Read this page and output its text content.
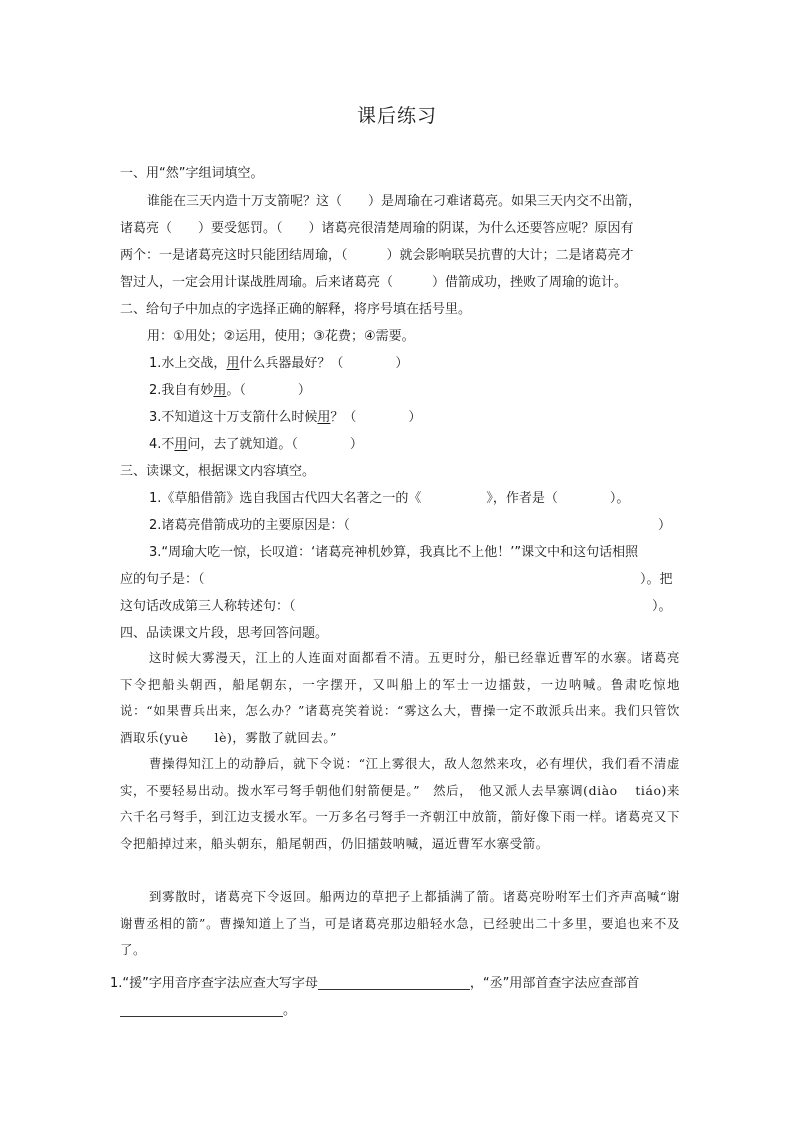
课后练习
一、用“然”字组词填空。
谁能在三天内造十万支箭呢？这（　　）是周瑜在刁难诸葛亮。如果三天内交不出箭，
诸葛亮（　　）要受惩罚。（　　）诸葛亮很清楚周瑜的阴谋，为什么还要答应呢？原因有
两个：一是诸葛亮这时只能团结周瑜，（　　　）就会影响联吴抗曹的大计；二是诸葛亮才
智过人，一定会用计谋战胜周瑜。后来诸葛亮（　　　）借箭成功，挫败了周瑜的诡计。
二、给句子中加点的字选择正确的解释，将序号填在括号里。
用：①用处；②运用，使用；③花费；④需要。
1.水上交战，用什么兵器最好？（　　　　）
2.我自有妙用。（　　　　）
3.不知道这十万支箭什么时候用？（　　　　）
4.不用问，去了就知道。（　　　　）
三、读课文，根据课文内容填空。
1.《草船借箭》选自我国古代四大名著之一的《　　　　　》，作者是（　　　　）。
2.诸葛亮借箭成功的主要原因是：（	）
3.“周瑜大吃一惊，长叹道：‘诸葛亮神机妙算，我真比不上他！’”课文中和这句话相照
应的句子是：（	）。把
这句话改成第三人称转述句：（	）。
四、品读课文片段，思考回答问题。
这时候大雾漫天，江上的人连面对面都看不清。五更时分，船已经靠近曹军的水寨。诸葛亮下令把船头朝西，船尾朝东，一字摆开，又叫船上的军士一边擂鼓，一边呐喊。鲁肃吃惊地说：“如果曹兵出来，怎么办？”诸葛亮笑着说：“雾这么大，曹操一定不敢派兵出来。我们只管饮酒取乐(yuè　　lè)，雾散了就回去。”
曹操得知江上的动静后，就下令说：“江上雾很大，敌人忽然来攻，必有埋伏，我们看不清虚实，不要轻易出动。拨水军弓弩手朝他们射箭便是。”　然后，　他又派人去旱寨调(diào　 tiáo)来六千名弓弩手，到江边支援水军。一万多名弓弩手一齐朝江中放箭，箭好像下雨一样。诸葛亮又下令把船掉过来，船头朝东，船尾朝西，仍旧擂鼓呐喊，逼近曹军水寨受箭。
到雾散时，诸葛亮下令返回。船两边的草把子上都插满了箭。诸葛亮吩咐军士们齐声高喊“谢谢曹丞相的箭”。曹操知道上了当，可是诸葛亮那边船轻水急，已经驶出二十多里，要追也来不及了。
1.“援”字用音序查字法应查大写字母	，“丞”用部首查字法应查部首
。
